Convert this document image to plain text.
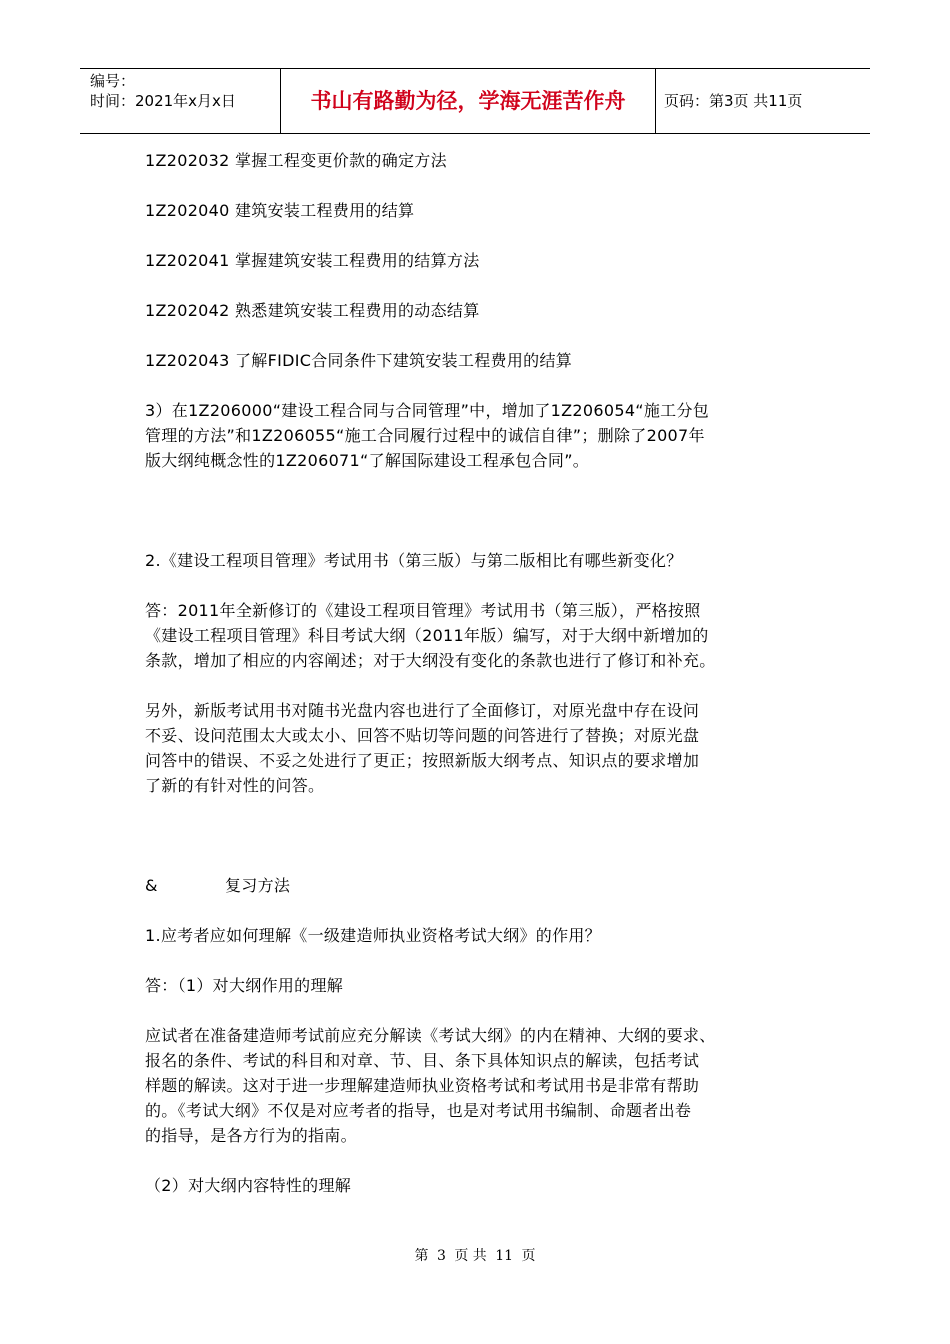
编号：
时间：2021年x月x日	书山有路勤为径，学海无涯苦作舟	页码：第3页 共11页

1Z202032 掌握工程变更价款的确定方法

1Z202040 建筑安装工程费用的结算

1Z202041 掌握建筑安装工程费用的结算方法

1Z202042 熟悉建筑安装工程费用的动态结算

1Z202043 了解FIDIC合同条件下建筑安装工程费用的结算

3）在1Z206000“建设工程合同与合同管理”中，增加了1Z206054“施工分包

管理的方法”和1Z206055“施工合同履行过程中的诚信自律”；删除了2007年

版大纲纯概念性的1Z206071“了解国际建设工程承包合同”。

2.《建设工程项目管理》考试用书（第三版）与第二版相比有哪些新变化？

答：2011年全新修订的《建设工程项目管理》考试用书（第三版），严格按照

《建设工程项目管理》科目考试大纲（2011年版）编写，对于大纲中新增加的

条款，增加了相应的内容阐述；对于大纲没有变化的条款也进行了修订和补充。

另外，新版考试用书对随书光盘内容也进行了全面修订，对原光盘中存在设问

不妥、设问范围太大或太小、回答不贴切等问题的问答进行了替换；对原光盘

问答中的错误、不妥之处进行了更正；按照新版大纲考点、知识点的要求增加

了新的有针对性的问答。

&	复习方法

1.应考者应如何理解《一级建造师执业资格考试大纲》的作用？

答：（1）对大纲作用的理解

应试者在准备建造师考试前应充分解读《考试大纲》的内在精神、大纲的要求、

报名的条件、考试的科目和对章、节、目、条下具体知识点的解读，包括考试

样题的解读。这对于进一步理解建造师执业资格考试和考试用书是非常有帮助

的。《考试大纲》不仅是对应考者的指导，也是对考试用书编制、命题者出卷

的指导，是各方行为的指南。

（2）对大纲内容特性的理解

第 3 页 共 11 页
